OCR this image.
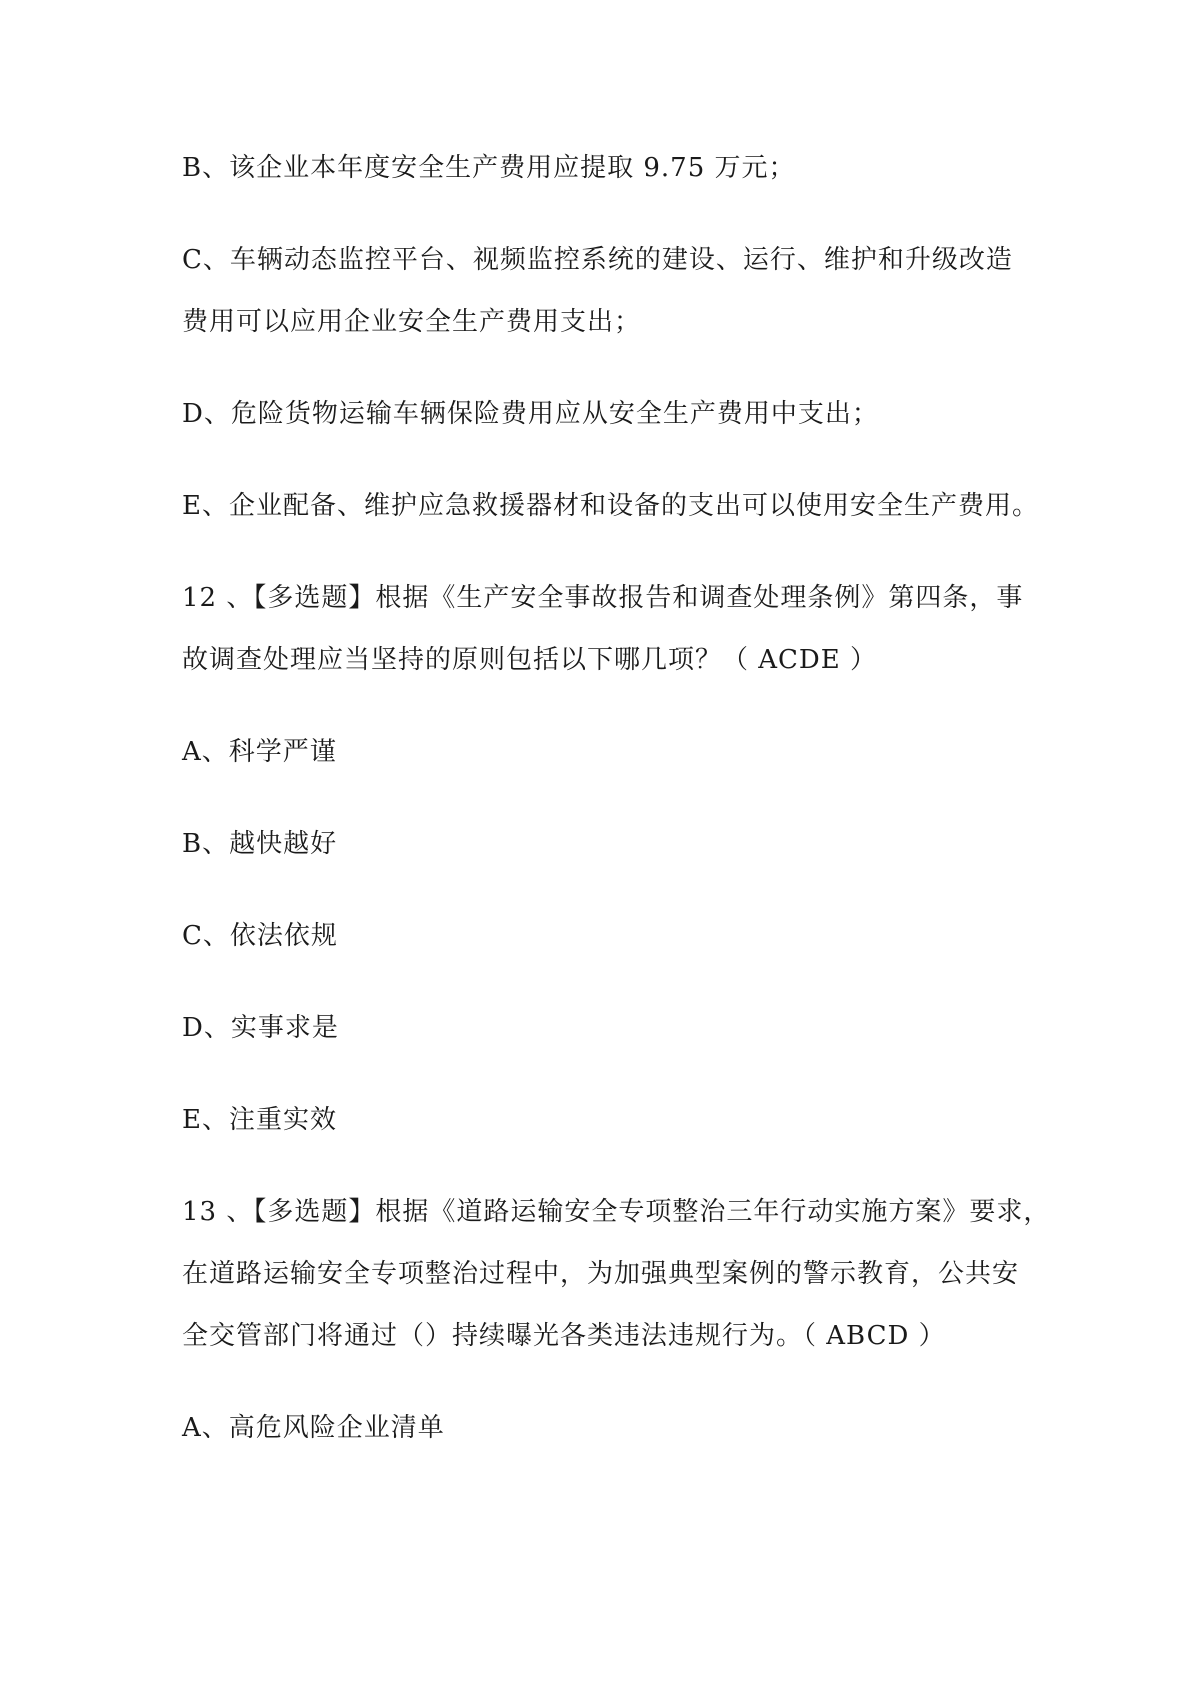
B、该企业本年度安全生产费用应提取 9.75 万元；
C、车辆动态监控平台、视频监控系统的建设、运行、维护和升级改造
费用可以应用企业安全生产费用支出；
D、危险货物运输车辆保险费用应从安全生产费用中支出；
E、企业配备、维护应急救援器材和设备的支出可以使用安全生产费用。
12 、【多选题】根据《生产安全事故报告和调查处理条例》第四条，事
故调查处理应当坚持的原则包括以下哪几项？（ ACDE ）
A、科学严谨
B、越快越好
C、依法依规
D、实事求是
E、注重实效
13 、【多选题】根据《道路运输安全专项整治三年行动实施方案》要求，
在道路运输安全专项整治过程中，为加强典型案例的警示教育，公共安
全交管部门将通过（）持续曝光各类违法违规行为。（ ABCD ）
A、高危风险企业清单
